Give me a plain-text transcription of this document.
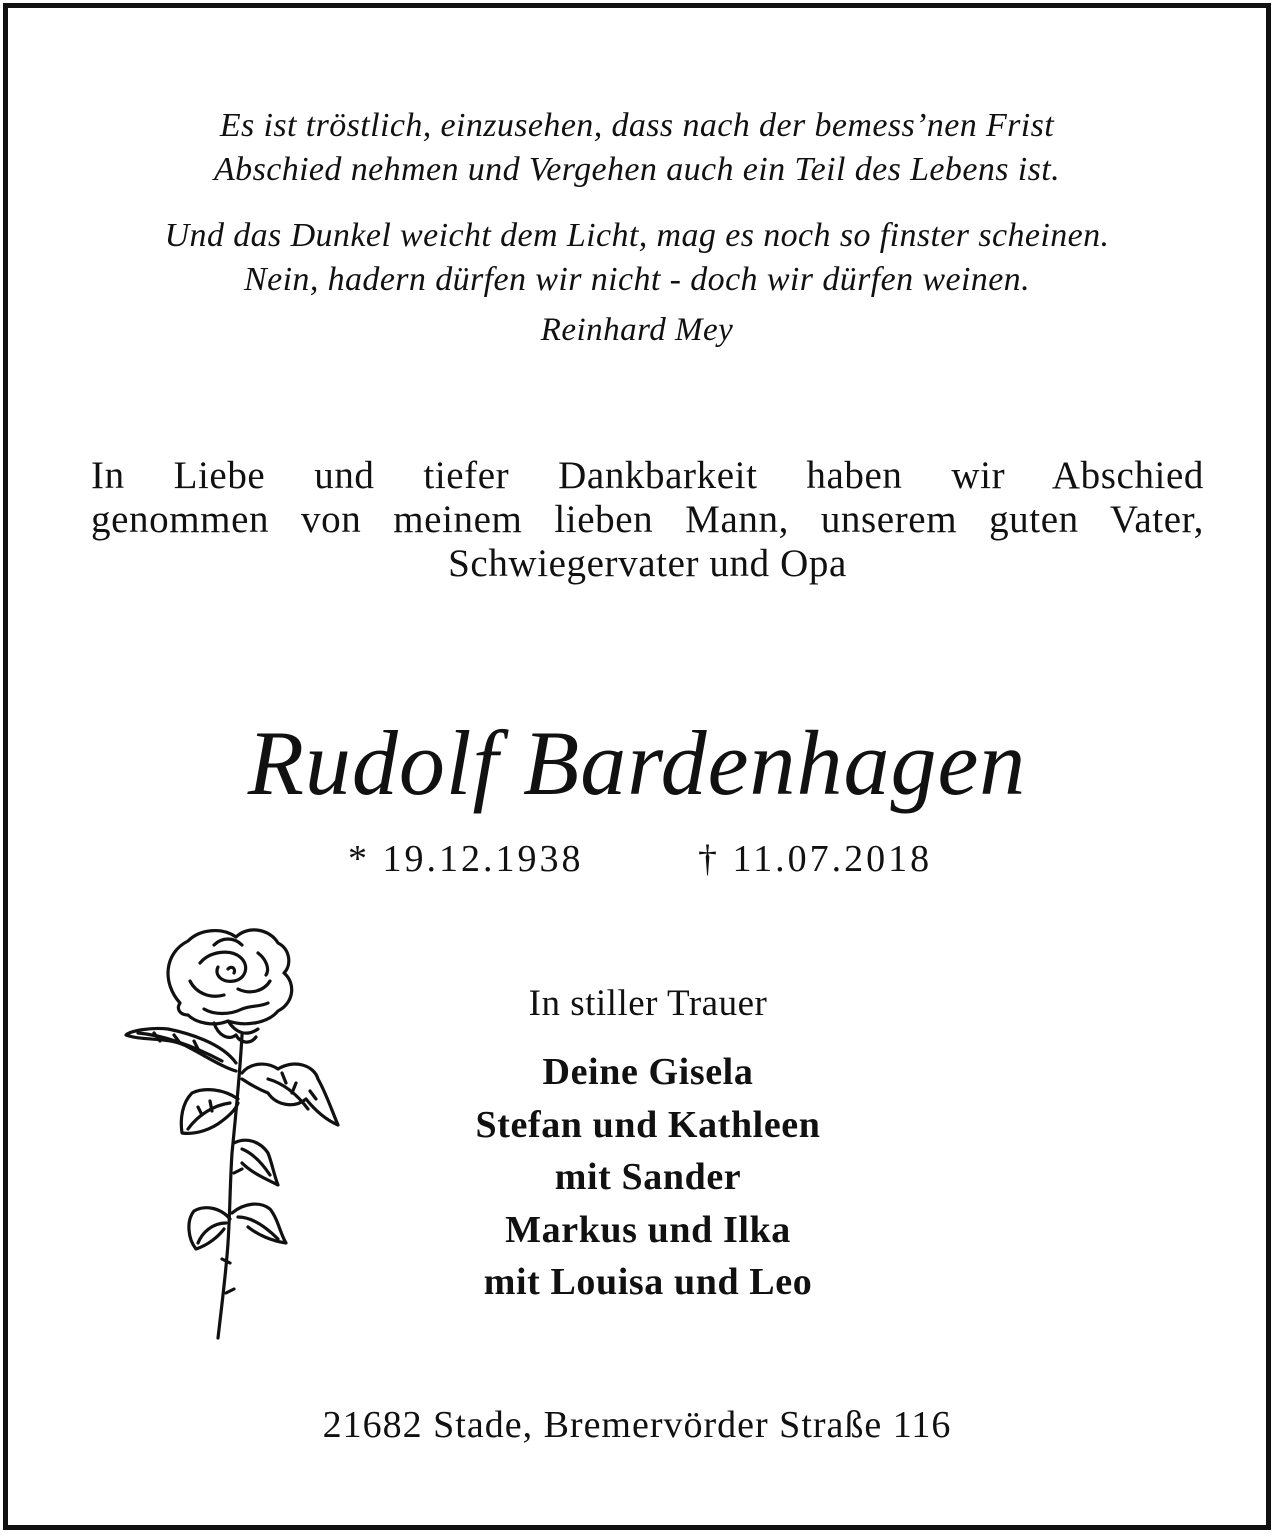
Es ist tröstlich, einzusehen, dass nach der bemess’nen Frist
Abschied nehmen und Vergehen auch ein Teil des Lebens ist.
Und das Dunkel weicht dem Licht, mag es noch so finster scheinen.
Nein, hadern dürfen wir nicht - doch wir dürfen weinen.
Reinhard Mey
In Liebe und tiefer Dankbarkeit haben wir Abschied
genommen von meinem lieben Mann, unserem guten Vater,
Schwiegervater und Opa
Rudolf Bardenhagen
* 19.12.1938	† 11.07.2018
In stiller Trauer
Deine Gisela
Stefan und Kathleen
mit Sander
Markus und Ilka
mit Louisa und Leo
21682 Stade, Bremervörder Straße 116
